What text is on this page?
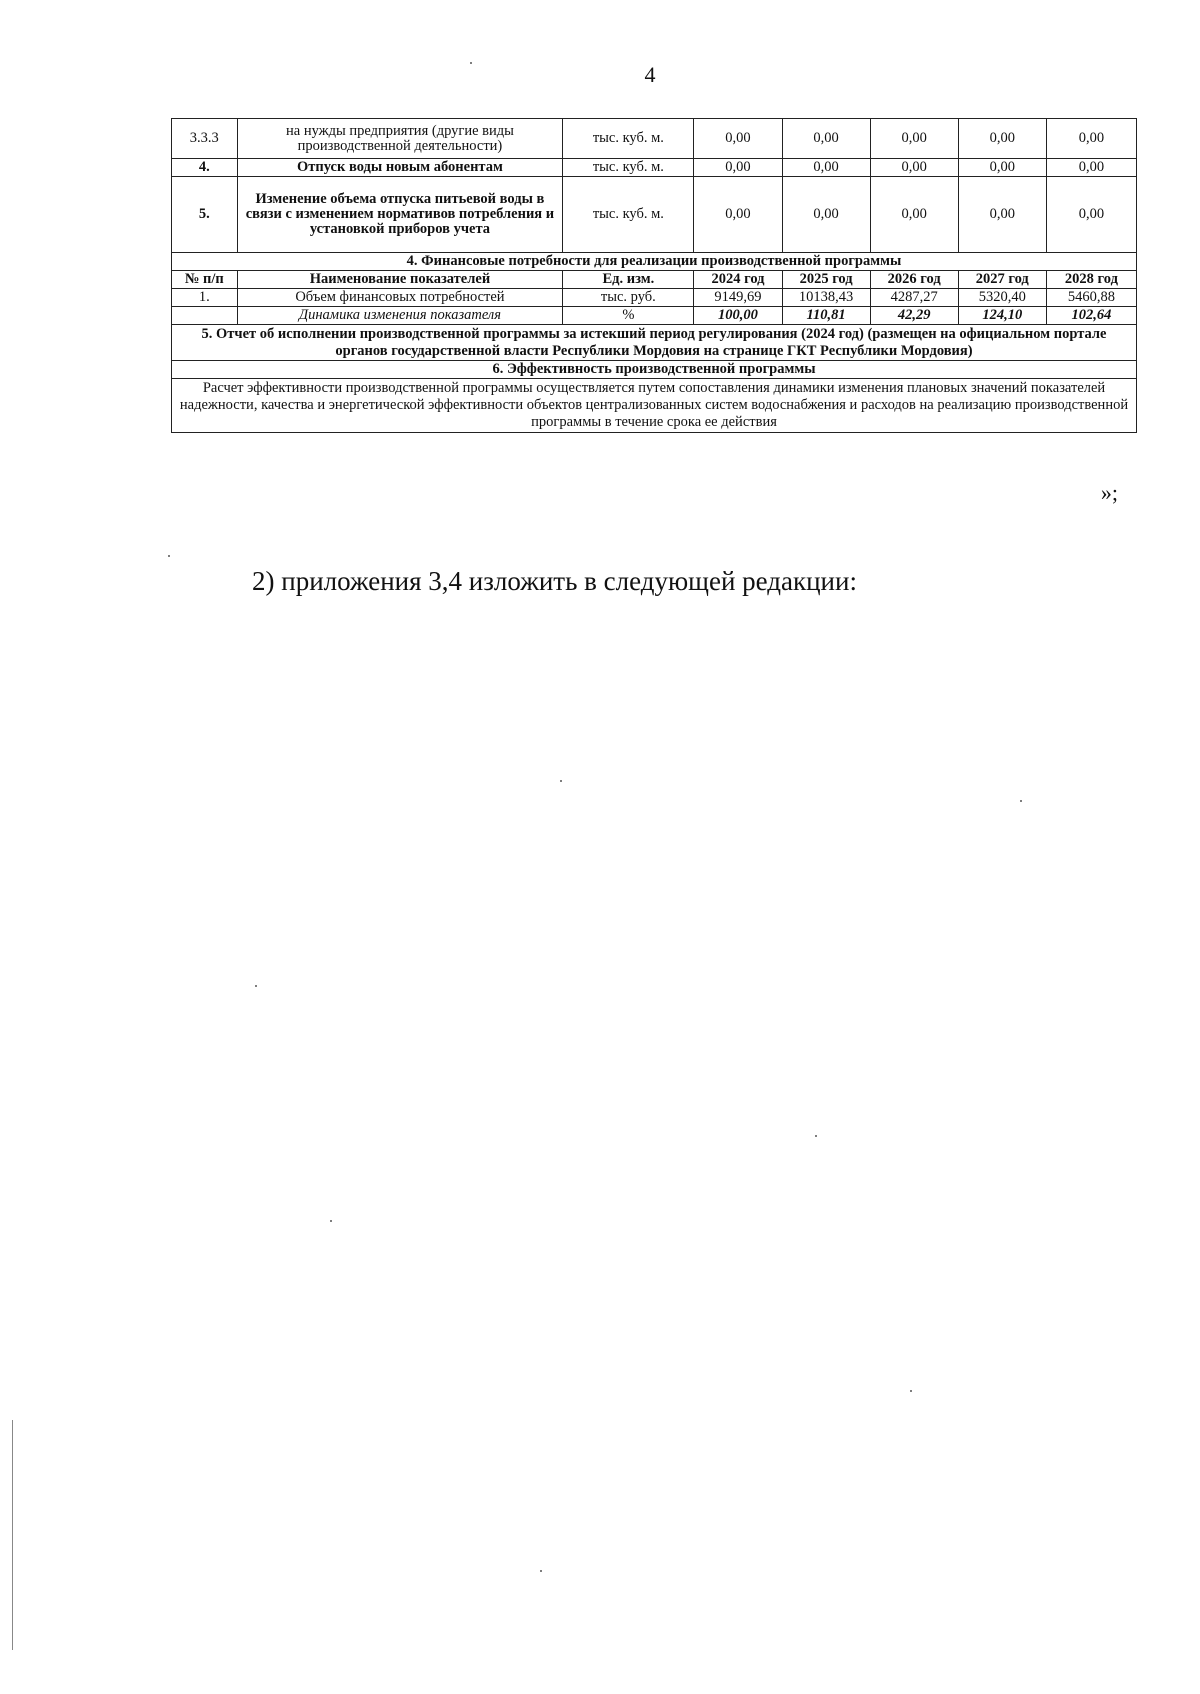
4
3.3.3	на нужды предприятия (другие виды производственной деятельности)	тыс. куб. м.	0,00	0,00	0,00	0,00	0,00
4.	Отпуск воды новым абонентам	тыс. куб. м.	0,00	0,00	0,00	0,00	0,00
5.	Изменение объема отпуска питьевой воды в связи с изменением нормативов потребления и установкой приборов учета	тыс. куб. м.	0,00	0,00	0,00	0,00	0,00
4. Финансовые потребности для реализации производственной программы							
№ п/п	Наименование показателей	Ед. изм.	2024 год	2025 год	2026 год	2027 год	2028 год
1.	Объем финансовых потребностей	тыс. руб.	9149,69	10138,43	4287,27	5320,40	5460,88
	Динамика изменения показателя	%	100,00	110,81	42,29	124,10	102,64
5. Отчет об исполнении производственной программы за истекший период регулирования (2024 год) (размещен на официальном портале органов государственной власти Республики Мордовия на странице ГКТ Республики Мордовия)							
6. Эффективность производственной программы							
Расчет эффективности производственной программы осуществляется путем сопоставления динамики изменения плановых значений показателей надежности, качества и энергетической эффективности объектов централизованных систем водоснабжения и расходов на реализацию производственной программы в течение срока ее действия							
»;
2) приложения 3,4 изложить в следующей редакции:
